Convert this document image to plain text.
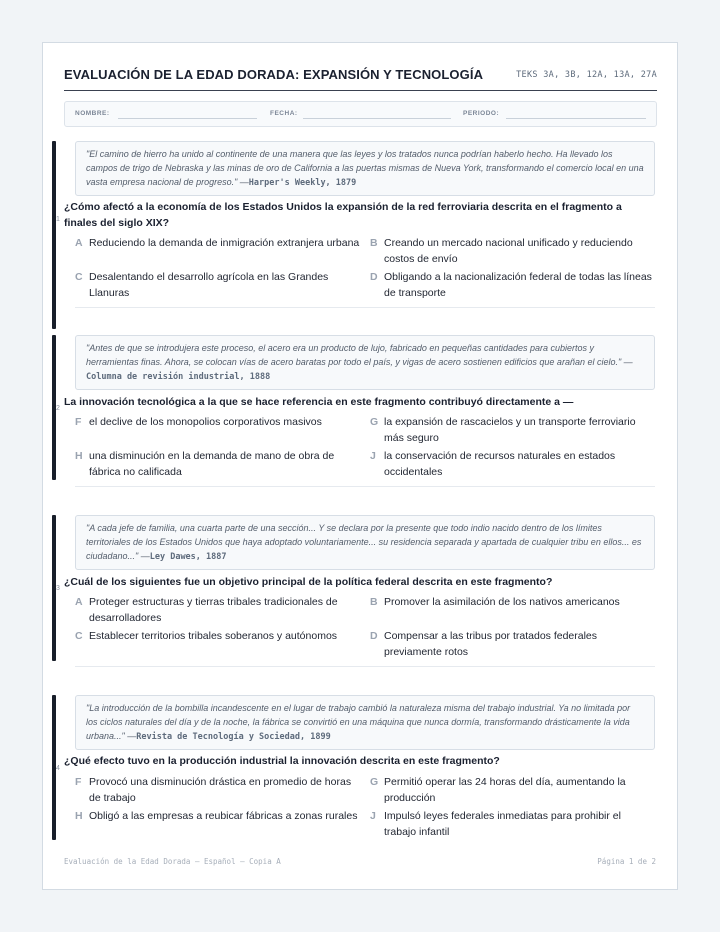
EVALUACIÓN DE LA EDAD DORADA: EXPANSIÓN Y TECNOLOGÍA	TEKS 3A, 3B, 12A, 13A, 27A
NOMBRE:	FECHA:	PERIODO:
1
"El camino de hierro ha unido al continente de una manera que las leyes y los tratados nunca podrían haberlo hecho. Ha llevado los campos de trigo de Nebraska y las minas de oro de California a las puertas mismas de Nueva York, transformando el comercio local en una vasta empresa nacional de progreso." —Harper's Weekly, 1879
¿Cómo afectó a la economía de los Estados Unidos la expansión de la red ferroviaria descrita en el fragmento a finales del siglo XIX?
A Reduciendo la demanda de inmigración extranjera urbana B Creando un mercado nacional unificado y reduciendo costos de envío
C Desalentando el desarrollo agrícola en las Grandes Llanuras
D Obligando a la nacionalización federal de todas las líneas de transporte
2
"Antes de que se introdujera este proceso, el acero era un producto de lujo, fabricado en pequeñas cantidades para cubiertos y herramientas finas. Ahora, se colocan vías de acero baratas por todo el país, y vigas de acero sostienen edificios que arañan el cielo." —Columna de revisión industrial, 1888
La innovación tecnológica a la que se hace referencia en este fragmento contribuyó directamente a —
F el declive de los monopolios corporativos masivos	G la expansión de rascacielos y un transporte ferroviario más seguro
H una disminución en la demanda de mano de obra de fábrica no calificada
J la conservación de recursos naturales en estados occidentales
3
"A cada jefe de familia, una cuarta parte de una sección... Y se declara por la presente que todo indio nacido dentro de los límites territoriales de los Estados Unidos que haya adoptado voluntariamente... su residencia separada y apartada de cualquier tribu en ellos... es ciudadano..." —Ley Dawes, 1887
¿Cuál de los siguientes fue un objetivo principal de la política federal descrita en este fragmento?
A Proteger estructuras y tierras tribales tradicionales de desarrolladores
B Promover la asimilación de los nativos americanos
C Establecer territorios tribales soberanos y autónomos	D Compensar a las tribus por tratados federales previamente rotos
4
"La introducción de la bombilla incandescente en el lugar de trabajo cambió la naturaleza misma del trabajo industrial. Ya no limitada por los ciclos naturales del día y de la noche, la fábrica se convirtió en una máquina que nunca dormía, transformando drásticamente la vida urbana..." —Revista de Tecnología y Sociedad, 1899
¿Qué efecto tuvo en la producción industrial la innovación descrita en este fragmento?
F Provocó una disminución drástica en promedio de horas de trabajo
G Permitió operar las 24 horas del día, aumentando la producción
H Obligó a las empresas a reubicar fábricas a zonas rurales J Impulsó leyes federales inmediatas para prohibir el trabajo infantil
Evaluación de la Edad Dorada — Español — Copia A	Página 1 de 2
